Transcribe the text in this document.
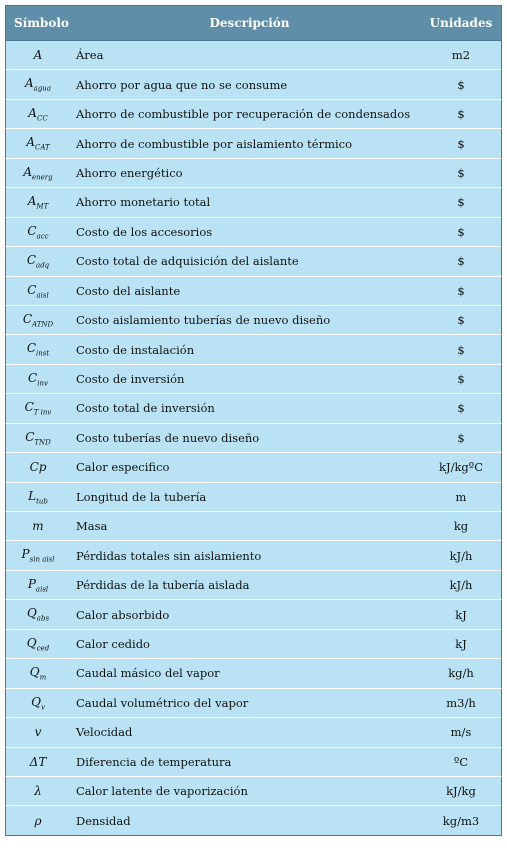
Símbolo	Descripción	Unidades
A	Área	m2
$A_{agua}$	Ahorro por agua que no se consume	$
$A_{CC}$	Ahorro de combustible por recuperación de condensados	$
$A_{CAT}$	Ahorro de combustible por aislamiento térmico	$
$A_{energ}$	Ahorro energético	$
$A_{MT}$	Ahorro monetario total	$
$C_{acc}$	Costo de los accesorios	$
$C_{adq}$	Costo total de adquisición del aislante	$
$C_{aisl}$	Costo del aislante	$
$C_{ATND}$	Costo aislamiento tuberías de nuevo diseño	$
$C_{inst}$	Costo de instalación	$
$C_{inv}$	Costo de inversión	$
$C_{T inv}$	Costo total de inversión	$
$C_{TND}$	Costo tuberías de nuevo diseño	$
Cp	Calor especifico	kJ/kgºC
$L_{tub}$	Longitud de la tubería	m
m	Masa	kg
$P_{sin aisl}$	Pérdidas totales sin aislamiento	kJ/h
$P_{aisl}$	Pérdidas de la tubería aislada	kJ/h
$Q_{abs}$	Calor absorbido	kJ
$Q_{ced}$	Calor cedido	kJ
$Q_m$	Caudal másico del vapor	kg/h
$Q_v$	Caudal volumétrico del vapor	m3/h
v	Velocidad	m/s
ΔT	Diferencia de temperatura	ºC
λ	Calor latente de vaporización	kJ/kg
ρ	Densidad	kg/m3
